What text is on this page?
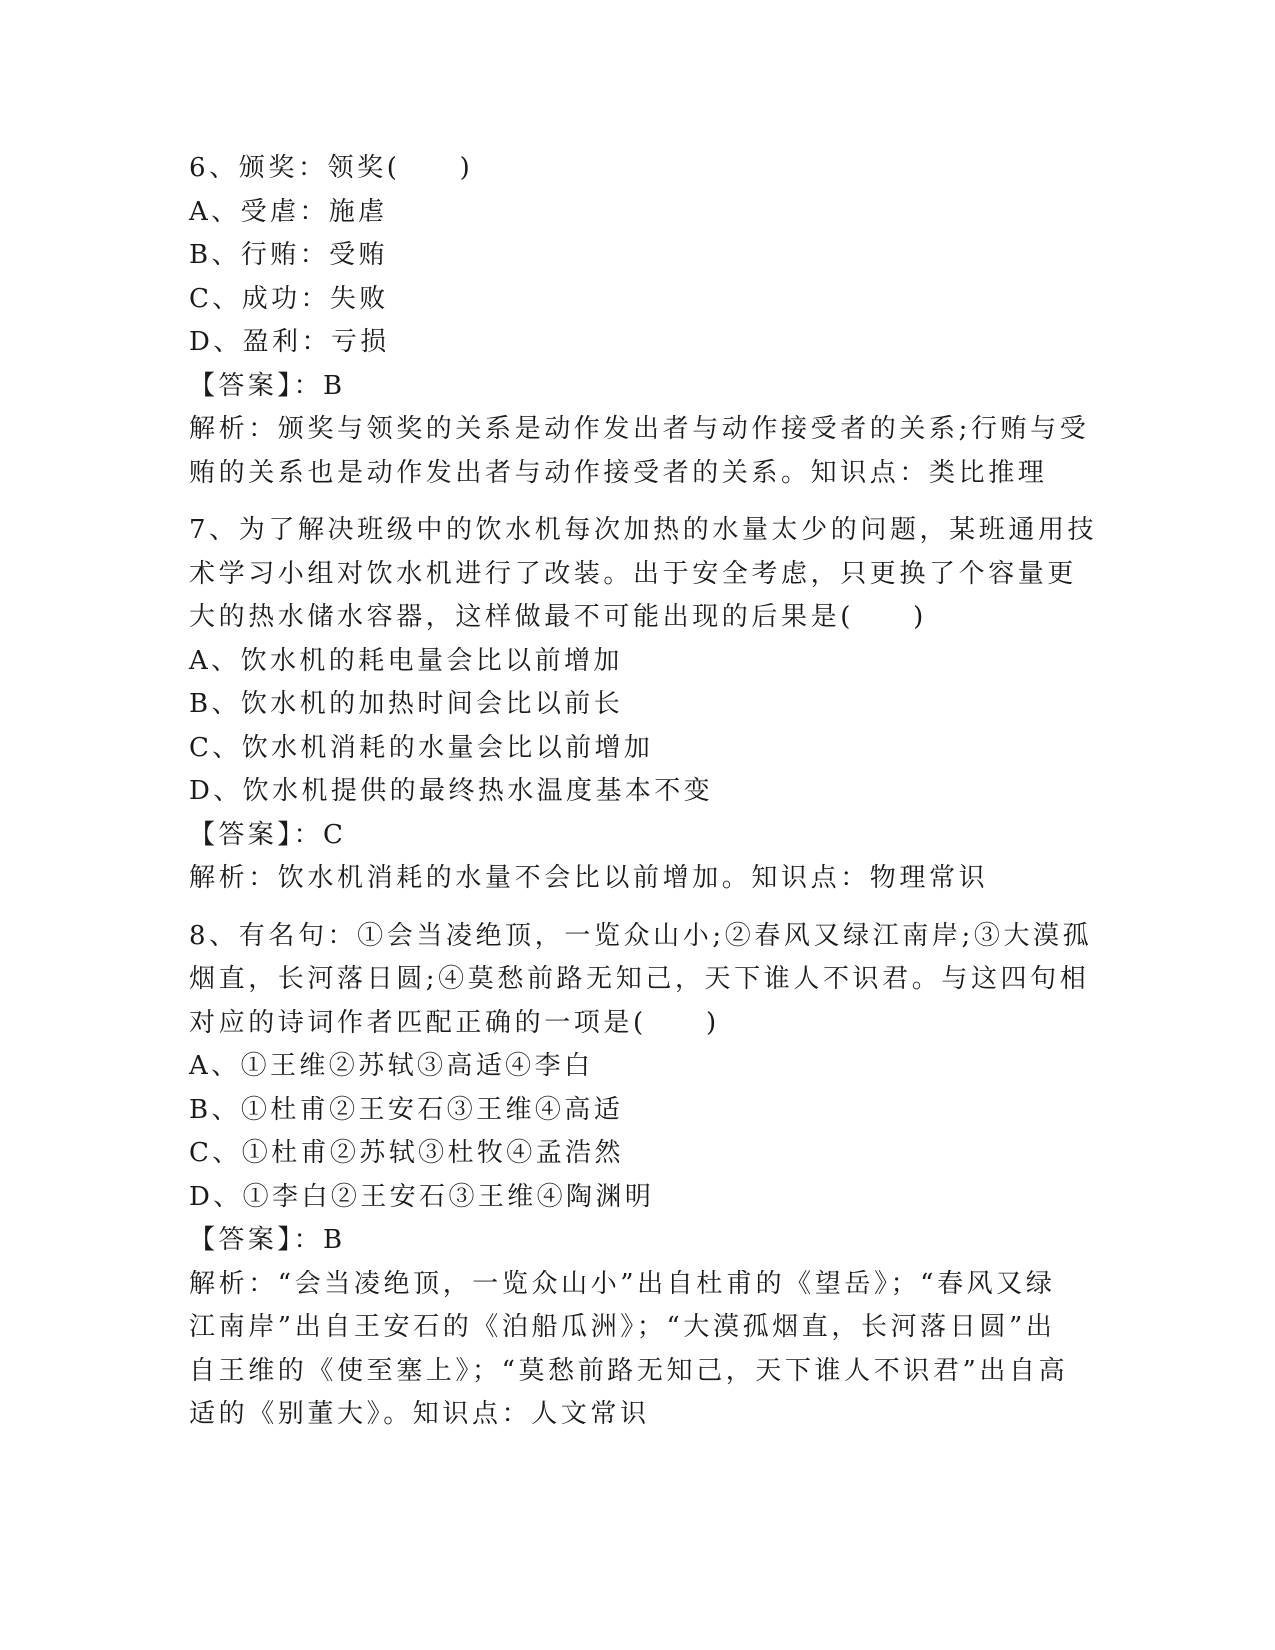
6、颁奖：领奖(　　)
A、受虐：施虐
B、行贿：受贿
C、成功：失败
D、盈利：亏损
【答案】：B
解析：颁奖与领奖的关系是动作发出者与动作接受者的关系;行贿与受
贿的关系也是动作发出者与动作接受者的关系。知识点：类比推理
7、为了解决班级中的饮水机每次加热的水量太少的问题，某班通用技
术学习小组对饮水机进行了改装。出于安全考虑，只更换了个容量更
大的热水储水容器，这样做最不可能出现的后果是(　　)
A、饮水机的耗电量会比以前增加
B、饮水机的加热时间会比以前长
C、饮水机消耗的水量会比以前增加
D、饮水机提供的最终热水温度基本不变
【答案】：C
解析：饮水机消耗的水量不会比以前增加。知识点：物理常识
8、有名句：①会当凌绝顶，一览众山小;②春风又绿江南岸;③大漠孤
烟直，长河落日圆;④莫愁前路无知己，天下谁人不识君。与这四句相
对应的诗词作者匹配正确的一项是(　　)
A、①王维②苏轼③高适④李白
B、①杜甫②王安石③王维④高适
C、①杜甫②苏轼③杜牧④孟浩然
D、①李白②王安石③王维④陶渊明
【答案】：B
解析：“会当凌绝顶，一览众山小”出自杜甫的《望岳》；“春风又绿
江南岸”出自王安石的《泊船瓜洲》；“大漠孤烟直，长河落日圆”出
自王维的《使至塞上》；“莫愁前路无知己，天下谁人不识君”出自高
适的《别董大》。知识点：人文常识
